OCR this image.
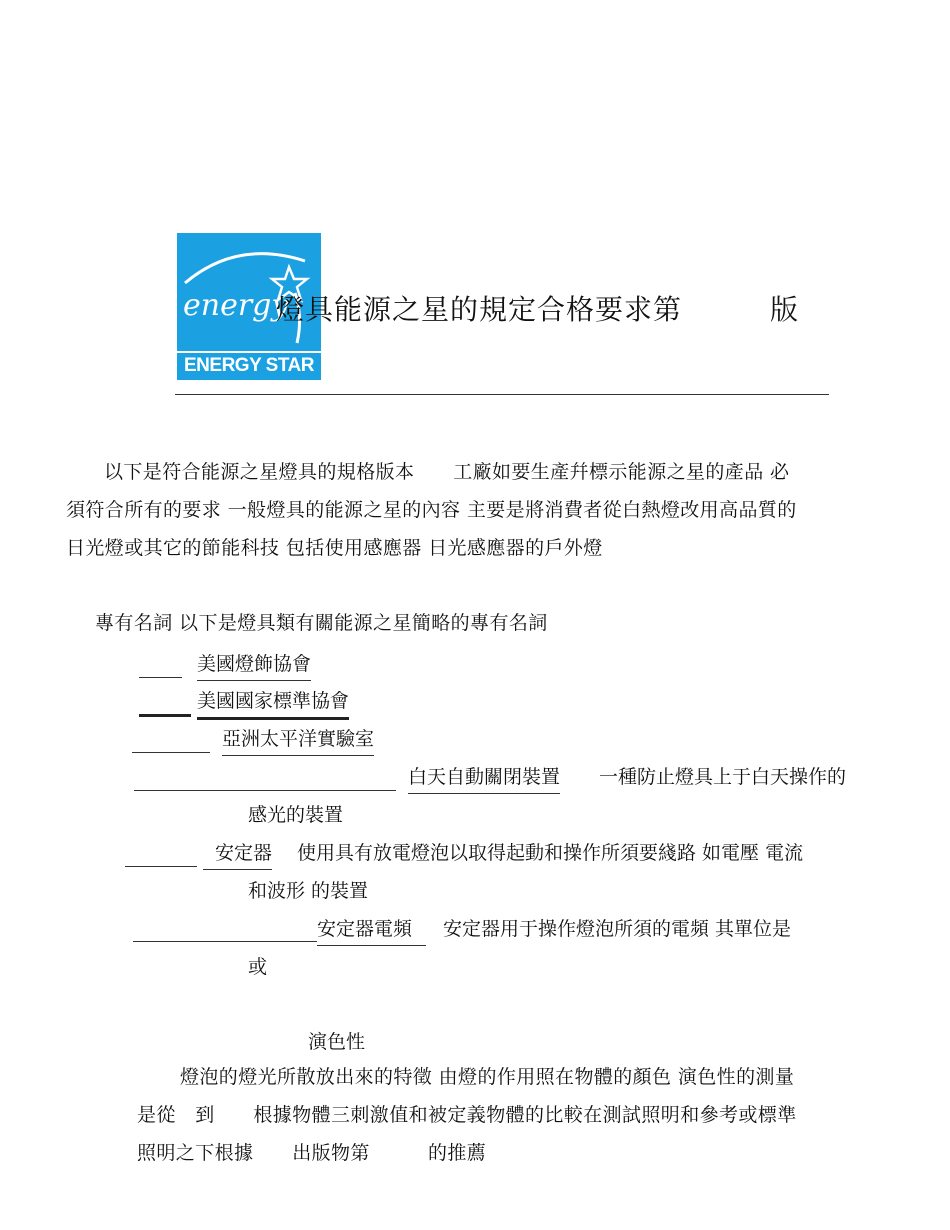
energy
ENERGY STAR
燈具能源之星的規定合格要求第	版
以下是符合能源之星燈具的規格版本　　工廠如要生產幷標示能源之星的產品 必
須符合所有的要求 一般燈具的能源之星的內容 主要是將消費者從白熱燈改用高品質的
日光燈或其它的節能科技 包括使用感應器 日光感應器的戶外燈
專有名詞 以下是燈具類有關能源之星簡略的專有名詞
美國燈飾協會
美國國家標準協會
亞洲太平洋實驗室
白天自動關閉裝置 一種防止燈具上于白天操作的
感光的裝置
安定器 使用具有放電燈泡以取得起動和操作所須要綫路 如電壓 電流
和波形 的裝置
安定器電頻	安定器用于操作燈泡所須的電頻 其單位是
或
演色性
燈泡的燈光所散放出來的特徵 由燈的作用照在物體的顏色 演色性的測量
是從　到　　根據物體三刺激值和被定義物體的比較在測試照明和參考或標準
照明之下根據　　出版物第　　　的推薦
